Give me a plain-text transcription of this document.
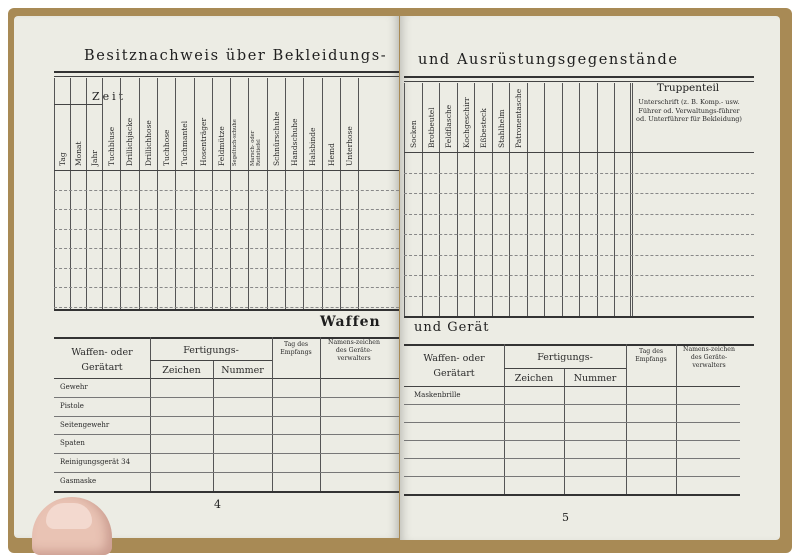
Besitznachweis über Bekleidungs-
Zeit
Tag Monat Jahr Tuchbluse Drillichjacke Drillichhose Tuchhose Tuchmantel Hosenträger Feldmütze Segeltuch-schuhe Marsch- oder Reitstiefel Schnürschuhe Handschuhe Halsbinde Hemd Unterhose
Waffen
Waffen- oder Gerätart
Fertigungs-
Zeichen	Nummer
Tag des Empfangs
Namens-zeichen des Geräte-verwalters
Gewehr
Pistole
Seitengewehr
Spaten
Reinigungsgerät 34
Gasmaske
4
und Ausrüstungsgegenstände
Socken Brotbeutel Feldflasche Kochgeschirr Eßbesteck Stahlhelm Patronentasche
Truppenteil
Unterschrift (z. B. Komp.- usw. Führer od. Verwaltungs-führer od. Unterführer für Bekleidung)
und Gerät
Waffen- oder Gerätart
Fertigungs-
Zeichen	Nummer
Tag des Empfangs
Namens-zeichen des Geräte-verwalters
Maskenbrille
5
